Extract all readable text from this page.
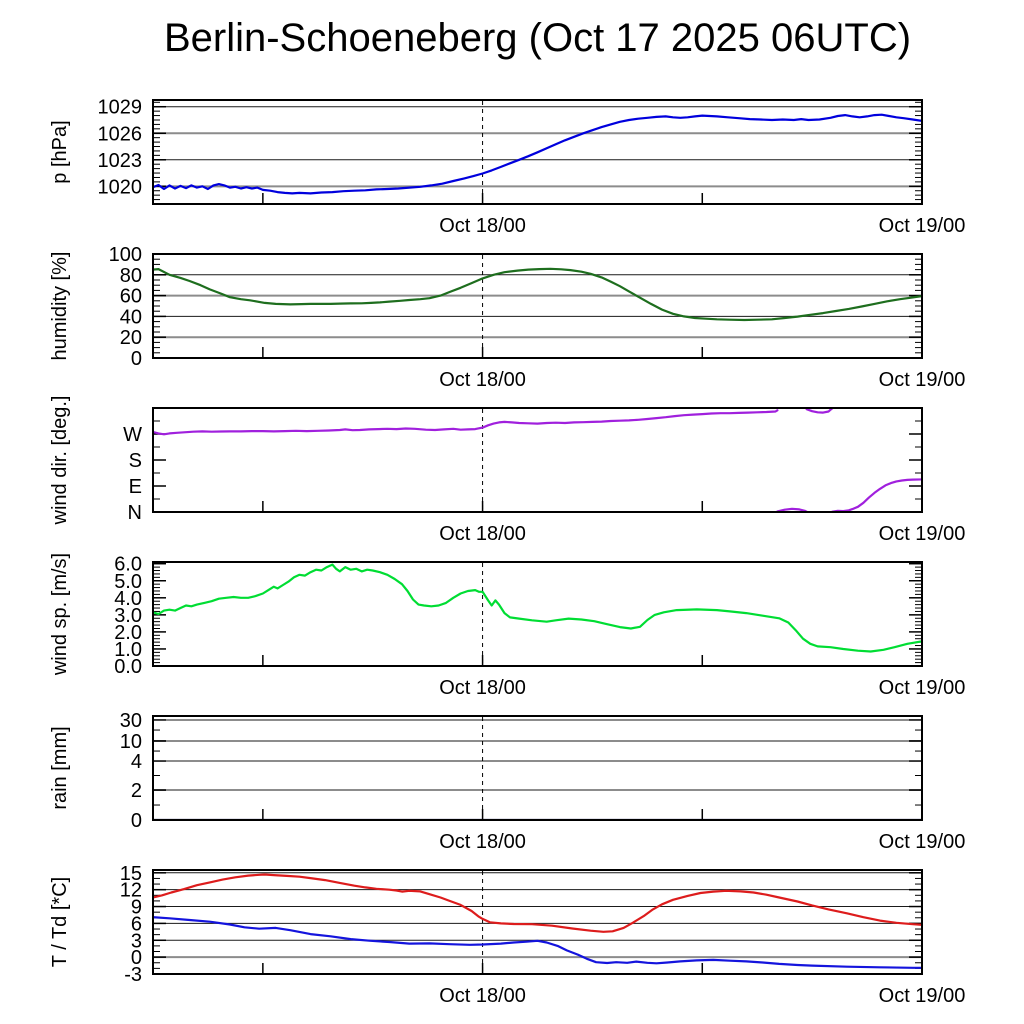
Berlin-Schoeneberg (Oct 17 2025 06UTC)
1020
1023
1026
1029
p [hPa]
Oct 18/00	Oct 19/00
0
20
40
60
80
100
humidity [%]
Oct 18/00	Oct 19/00
N
E
S
W
wind dir. [deg.]
Oct 18/00	Oct 19/00
0.0
1.0
2.0
3.0
4.0
5.0
6.0
wind sp. [m/s]
Oct 18/00	Oct 19/00
0
2
4
10
30
rain [mm]
Oct 18/00	Oct 19/00
-3
0
3
6
9
12
15
T / Td [*C]
Oct 18/00	Oct 19/00
